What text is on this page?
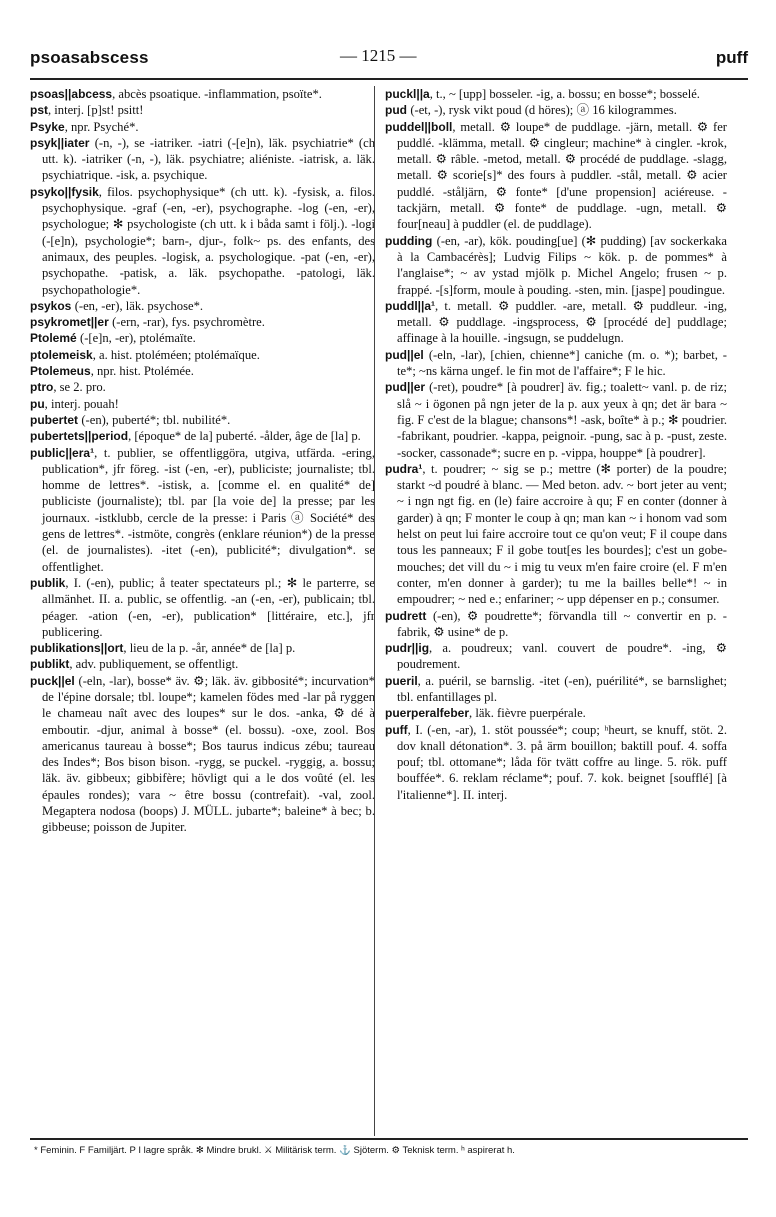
psoasabscess	— 1215 —	puff

psoas||abcess, abcès psoatique. -inflammation, psoïte*.

pst, interj. [p]st! psitt!

Psyke, npr. Psyché*.

psyk||iater (-n, -), se -iatriker. -iatri (-[e]n), läk. psychiatrie* (ch utt. k). -iatriker (-n, -), läk. psychiatre; aliéniste. -iatrisk, a. läk. psychiatrique. -isk, a. psychique.

psyko||fysik, filos. psychophysique* (ch utt. k). -fysisk, a. filos. psychophysique. -graf (-en, -er), psychographe. -log (-en, -er), psychologue; ✻ psychologiste (ch utt. k i båda samt i följ.). -logi (-[e]n), psychologie*; barn-, djur-, folk~ ps. des enfants, des animaux, des peuples. -logisk, a. psychologique. -pat (-en, -er), psychopathe. -patisk, a. läk. psychopathe. -patologi, läk. psychopathologie*.

psykos (-en, -er), läk. psychose*.

psykromet||er (-ern, -rar), fys. psychromètre.

Ptolemé (-[e]n, -er), ptolémaïte.

ptolemeisk, a. hist. ptoléméen; ptolémaïque.

Ptolemeus, npr. hist. Ptolémée.

ptro, se 2. pro.

pu, interj. pouah!

pubertet (-en), puberté*; tbl. nubilité*.

pubertets||period, [époque* de la] puberté. -ålder, âge de [la] p.

public||era¹, t. publier, se offentliggöra, utgiva, utfärda. -ering, publication*, jfr föreg. -ist (-en, -er), publiciste; journaliste; tbl. homme de lettres*. -istisk, a. [comme el. en qualité* de] publiciste (journaliste); tbl. par [la voie de] la presse; par les journaux. -istklubb, cercle de la presse: i Paris ⓐ Société* des gens de lettres*. -istmöte, congrès (enklare réunion*) de la presse (el. de journalistes). -itet (-en), publicité*; divulgation*. se offentlighet.

publik, I. (-en), public; å teater spectateurs pl.; ✻ le parterre, se allmänhet. II. a. public, se offentlig. -an (-en, -er), publicain; tbl. péager. -ation (-en, -er), publication* [littéraire, etc.], jfr publicering.

publikations||ort, lieu de la p. -år, année* de [la] p.

publikt, adv. publiquement, se offentligt.

puck||el (-eln, -lar), bosse* äv. ⚙; läk. äv. gibbosité*; incurvation* de l'épine dorsale; tbl. loupe*; kamelen födes med -lar på ryggen le chameau naît avec des loupes* sur le dos. -anka, ⚙ dé à emboutir. -djur, animal à bosse* (el. bossu). -oxe, zool. Bos americanus taureau à bosse*; Bos taurus indicus zébu; taureau des Indes*; Bos bison bison. -rygg, se puckel. -ryggig, a. bossu; läk. äv. gibbeux; gibbifère; hövligt qui a le dos voûté (el. les épaules rondes); vara ~ être bossu (contrefait). -val, zool. Megaptera nodosa (boops) J. MÜLL. jubarte*; baleine* à bec; b. gibbeuse; poisson de Jupiter.

puckl||a, t., ~ [upp] bosseler. -ig, a. bossu; en bosse*; bosselé.

pud (-et, -), rysk vikt poud (d höres); ⓐ 16 kilogrammes.

puddel||boll, metall. ⚙ loupe* de puddlage. -järn, metall. ⚙ fer puddlé. -klämma, metall. ⚙ cingleur; machine* à cingler. -krok, metall. ⚙ râble. -metod, metall. ⚙ procédé de puddlage. -slagg, metall. ⚙ scorie[s]* des fours à puddler. -stål, metall. ⚙ acier puddlé. -ståljärn, ⚙ fonte* [d'une propension] aciéreuse. -tackjärn, metall. ⚙ fonte* de puddlage. -ugn, metall. ⚙ four[neau] à puddler (el. de puddlage).

pudding (-en, -ar), kök. pouding[ue] (✻ pudding) [av sockerkaka à la Cambacérès]; Ludvig Filips ~ kök. p. de pommes* à l'anglaise*; ~ av ystad mjölk p. Michel Angelo; frusen ~ p. frappé. -[s]form, moule à pouding. -sten, min. [jaspe] poudingue.

puddl||a¹, t. metall. ⚙ puddler. -are, metall. ⚙ puddleur. -ing, metall. ⚙ puddlage. -ingsprocess, ⚙ [procédé de] puddlage; affinage à la houille. -ingsugn, se puddelugn.

pud||el (-eln, -lar), [chien, chienne*] caniche (m. o. *); barbet, -te*; ~ns kärna ungef. le fin mot de l'affaire*; F le hic.

pud||er (-ret), poudre* [à poudrer] äv. fig.; toalett~ vanl. p. de riz; slå ~ i ögonen på ngn jeter de la p. aux yeux à qn; det är bara ~ fig. F c'est de la blague; chansons*! -ask, boîte* à p.; ✻ poudrier. -fabrikant, poudrier. -kappa, peignoir. -pung, sac à p. -pust, zeste. -socker, cassonade*; sucre en p. -vippa, houppe* [à poudrer].

pudra¹, t. poudrer; ~ sig se p.; mettre (✻ porter) de la poudre; starkt ~d poudré à blanc. — Med beton. adv. ~ bort jeter au vent; ~ i ngn ngt fig. en (le) faire accroire à qu; F en conter (donner à garder) à qn; F monter le coup à qn; man kan ~ i honom vad som helst on peut lui faire accroire tout ce qu'on veut; F il coupe dans tous les panneaux; F il gobe tout[es les bourdes]; c'est un gobe-mouches; det vill du ~ i mig tu veux m'en faire croire (el. F m'en conter, m'en donner à garder); tu me la bailles belle*! ~ in empoudrer; ~ ned e.; enfariner; ~ upp dépenser en p.; consumer.

pudrett (-en), ⚙ poudrette*; förvandla till ~ convertir en p. -fabrik, ⚙ usine* de p.

pudr||ig, a. poudreux; vanl. couvert de poudre*. -ing, ⚙ poudrement.

pueril, a. puéril, se barnslig. -itet (-en), puérilité*, se barnslighet; tbl. enfantillages pl.

puerperalfeber, läk. fièvre puerpérale.

puff, I. (-en, -ar), 1. stöt poussée*; coup; ʰheurt, se knuff, stöt. 2. dov knall détonation*. 3. på ärm bouillon; baktill pouf. 4. soffa pouf; tbl. ottomane*; låda för tvätt coffre au linge. 5. rök. puff bouffée*. 6. reklam réclame*; pouf. 7. kok. beignet [soufflé] [à l'italienne*]. II. interj.

* Feminin. F Familjärt. P I lagre språk. ✻ Mindre brukl. ⚔ Militärisk term. ⚓ Sjöterm. ⚙ Teknisk term. ʰ aspirerat h.
